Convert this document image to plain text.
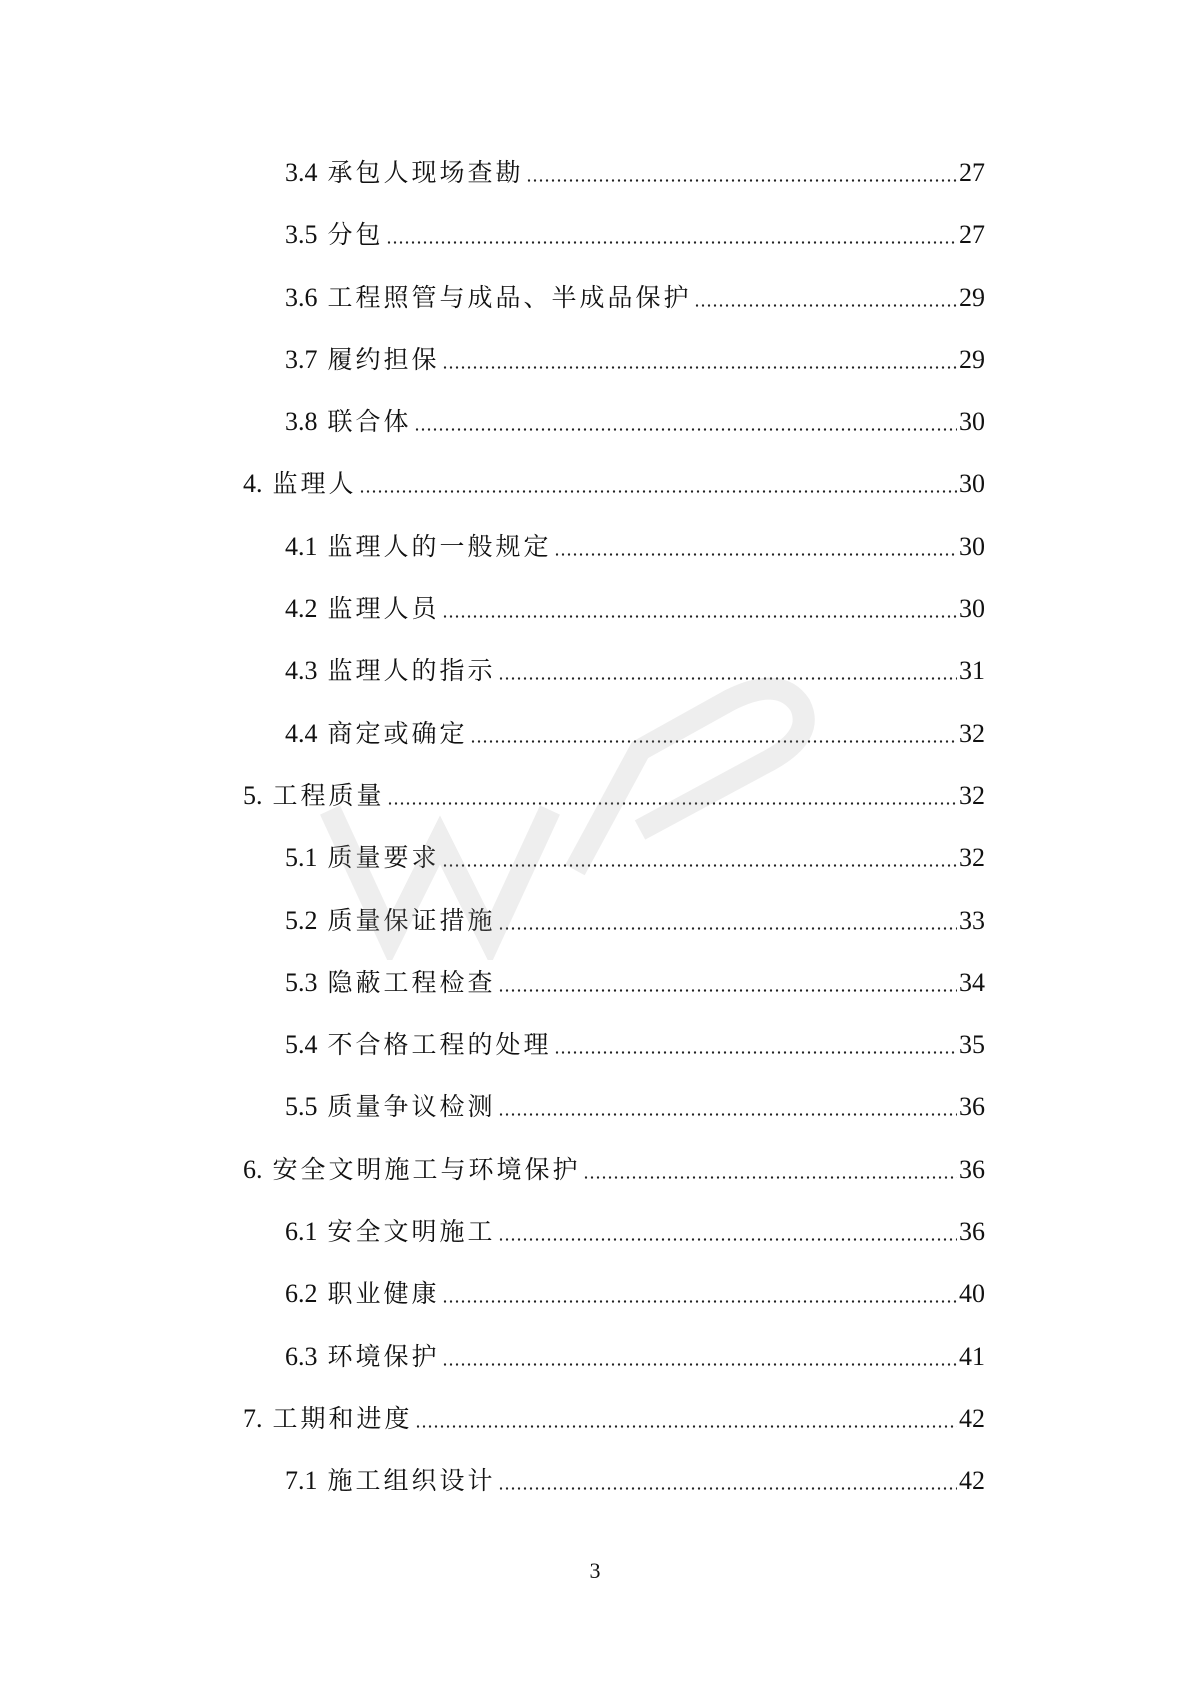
3.4 承包人现场查勘	27
3.5 分包	27
3.6 工程照管与成品、半成品保护	29
3.7 履约担保	29
3.8 联合体	30
4. 监理人	30
4.1 监理人的一般规定	30
4.2 监理人员	30
4.3 监理人的指示	31
4.4 商定或确定	32
5. 工程质量	32
5.1 质量要求	32
5.2 质量保证措施	33
5.3 隐蔽工程检查	34
5.4 不合格工程的处理	35
5.5 质量争议检测	36
6. 安全文明施工与环境保护	36
6.1 安全文明施工	36
6.2 职业健康	40
6.3 环境保护	41
7. 工期和进度	42
7.1 施工组织设计	42
3
